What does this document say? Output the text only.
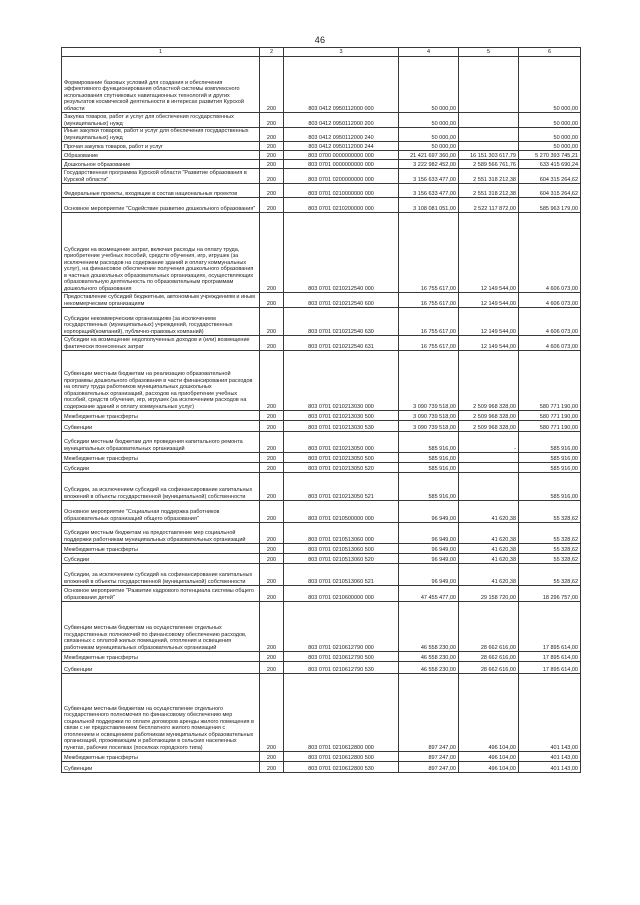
46
1	2	3	4	5	6
Формирование базовых условий для создания и обеспечения эффективного функционирования областной системы комплексного использования спутниковых навигационных технологий и других результатов космической деятельности в интересах развития Курской области	200	803 0412 0950112000 000	50 000,00		50 000,00
Закупка товаров, работ и услуг для обеспечения государственных (муниципальных) нужд	200	803 0412 0950112000 200	50 000,00		50 000,00
Иные закупки товаров, работ и услуг для обеспечения государственных (муниципальных) нужд	200	803 0412 0950112000 240	50 000,00		50 000,00
Прочая закупка товаров, работ и услуг	200	803 0412 0950112000 244	50 000,00		50 000,00
Образование	200	803 0700 0000000000 000	21 421 697 360,00	16 151 303 617,79	5 270 393 745,21
Дошкольное образование	200	803 0701 0000000000 000	3 222 982 452,00	2 589 566 761,76	633 415 690,24
Государственная программа Курской области "Развитие образования в Курской области"	200	803 0701 0200000000 000	3 156 633 477,00	2 551 318 212,38	604 315 264,62
Федеральные проекты, входящие в состав национальных проектов	200	803 0701 0210000000 000	3 156 633 477,00	2 551 318 212,38	604 315 264,62
Основное мероприятие "Содействие развитию дошкольного образования"	200	803 0701 0210200000 000	3 108 081 051,00	2 522 117 872,00	585 963 179,00
Субсидии на возмещение затрат, включая расходы на оплату труда, приобретение учебных пособий, средств обучения, игр, игрушек (за исключением расходов на содержание зданий и оплату коммунальных услуг), на финансовое обеспечение получения дошкольного образования в частных дошкольных образовательных организациях, осуществляющих образовательную деятельность по образовательным программам дошкольного образования	200	803 0701 0210212540 000	16 755 617,00	12 149 544,00	4 606 073,00
Предоставление субсидий бюджетным, автономным учреждениям и иным некоммерческим организациям	200	803 0701 0210212540 600	16 755 617,00	12 149 544,00	4 606 073,00
Субсидии некоммерческим организациям (за исключением государственных (муниципальных) учреждений, государственных корпораций(компаний), публично-правовых компаний)	200	803 0701 0210212540 630	16 755 617,00	12 149 544,00	4 606 073,00
Субсидии на возмещение недополученных доходов и (или) возмещение фактически понесенных затрат	200	803 0701 0210212540 631	16 755 617,00	12 149 544,00	4 606 073,00
Субвенции местным бюджетам на реализацию образовательной программы дошкольного образования в части финансирования расходов на оплату труда работников муниципальных дошкольных образовательных организаций, расходов на приобретение учебных пособий, средств обучения, игр, игрушек (за исключением расходов на содержание зданий и оплату коммунальных услуг)	200	803 0701 0210213030 000	3 090 739 518,00	2 509 968 328,00	580 771 190,00
Межбюджетные трансферты	200	803 0701 0210213030 500	3 090 739 518,00	2 509 968 328,00	580 771 190,00
Субвенции	200	803 0701 0210213030 530	3 090 739 518,00	2 509 968 328,00	580 771 190,00
Субсидии местным бюджетам для проведения капитального ремонта муниципальных образовательных организаций	200	803 0701 0210213050 000	585 916,00	-	585 916,00
Межбюджетные трансферты	200	803 0701 0210213050 500	585 916,00		585 916,00
Субсидии	200	803 0701 0210213050 520	585 916,00		585 916,00
Субсидии, за исключением субсидий на софинансирование капитальных вложений в объекты государственной (муниципальной) собственности	200	803 0701 0210213050 521	585 916,00		585 916,00
Основное мероприятие "Социальная поддержка работников образовательных организаций общего образования"	200	803 0701 0210500000 000	96 949,00	41 620,38	55 328,62
Субсидии местным бюджетам на предоставление мер социальной поддержки работникам муниципальных образовательных организаций	200	803 0701 0210513060 000	96 949,00	41 620,38	55 328,62
Межбюджетные трансферты	200	803 0701 0210513060 500	96 949,00	41 620,38	55 328,62
Субсидии	200	803 0701 0210513060 520	96 949,00	41 620,38	55 328,62
Субсидии, за исключением субсидий на софинансирование капитальных вложений в объекты государственной (муниципальной) собственности	200	803 0701 0210513060 521	96 949,00	41 620,38	55 328,62
Основное мероприятие "Развитие кадрового потенциала системы общего образования детей"	200	803 0701 0210600000 000	47 455 477,00	29 158 720,00	18 296 757,00
Субвенции местным бюджетам на осуществление отдельных государственных полномочий по финансовому обеспечению расходов, связанных с оплатой жилых помещений, отопления и освещения работникам муниципальных образовательных организаций	200	803 0701 0210612790 000	46 558 230,00	28 662 616,00	17 895 614,00
Межбюджетные трансферты	200	803 0701 0210612790 500	46 558 230,00	28 662 616,00	17 895 614,00
Субвенции	200	803 0701 0210612790 530	46 558 230,00	28 662 616,00	17 895 614,00
Субвенции местным бюджетам на осуществление отдельного государственного полномочия по финансовому обеспечению мер социальной поддержки по оплате договоров аренды жилого помещения в связи с не предоставлением бесплатного жилого помещения с отоплением и освещением работникам муниципальных образовательных организаций, проживающим и работающим в сельских населенных пунктах, рабочих поселках (поселках городского типа)	200	803 0701 0210612800 000	897 247,00	496 104,00	401 143,00
Межбюджетные трансферты	200	803 0701 0210612800 500	897 247,00	496 104,00	401 143,00
Субвенции	200	803 0701 0210612800 530	897 247,00	496 104,00	401 143,00
